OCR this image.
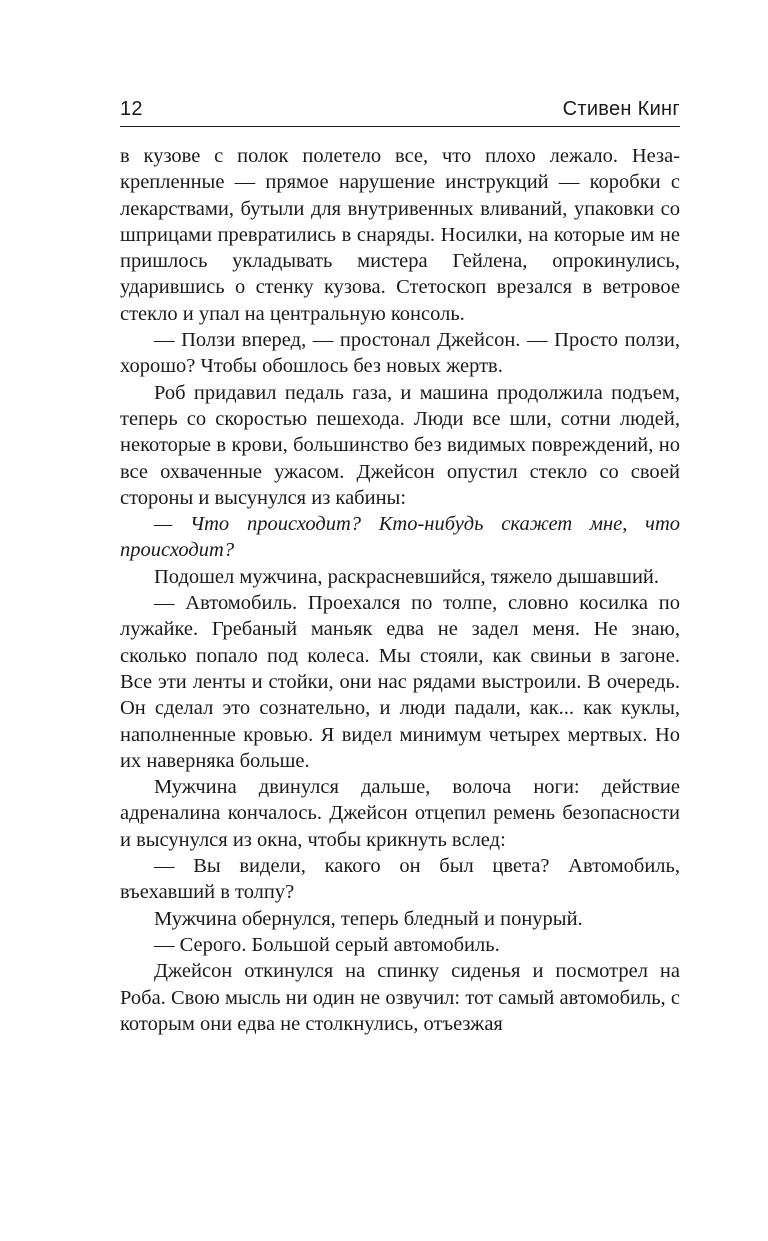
12	Стивен Кинг

в кузове с полок полетело все, что плохо лежало. Незакрепленные — прямое нарушение инструкций — коробки с лекарствами, бутыли для внутривенных вливаний, упаковки со шприцами превратились в снаряды. Носилки, на которые им не пришлось укладывать мистера Гейлена, опрокинулись, ударившись о стенку кузова. Стетоскоп врезался в ветровое стекло и упал на центральную консоль.

— Ползи вперед, — простонал Джейсон. — Просто ползи, хорошо? Чтобы обошлось без новых жертв.

Роб придавил педаль газа, и машина продолжила подъем, теперь со скоростью пешехода. Люди все шли, сотни людей, некоторые в крови, большинство без видимых повреждений, но все охваченные ужасом. Джейсон опустил стекло со своей стороны и высунулся из кабины:

— Что происходит? Кто-нибудь скажет мне, что происходит?

Подошел мужчина, раскрасневшийся, тяжело дышавший.

— Автомобиль. Проехался по толпе, словно косилка по лужайке. Гребаный маньяк едва не задел меня. Не знаю, сколько попало под колеса. Мы стояли, как свиньи в загоне. Все эти ленты и стойки, они нас рядами выстроили. В очередь. Он сделал это сознательно, и люди падали, как... как куклы, наполненные кровью. Я видел минимум четырех мертвых. Но их наверняка больше.

Мужчина двинулся дальше, волоча ноги: действие адреналина кончалось. Джейсон отцепил ремень безопасности и высунулся из окна, чтобы крикнуть вслед:

— Вы видели, какого он был цвета? Автомобиль, въехавший в толпу?

Мужчина обернулся, теперь бледный и понурый.

— Серого. Большой серый автомобиль.

Джейсон откинулся на спинку сиденья и посмотрел на Роба. Свою мысль ни один не озвучил: тот самый автомобиль, с которым они едва не столкнулись, отъезжая
